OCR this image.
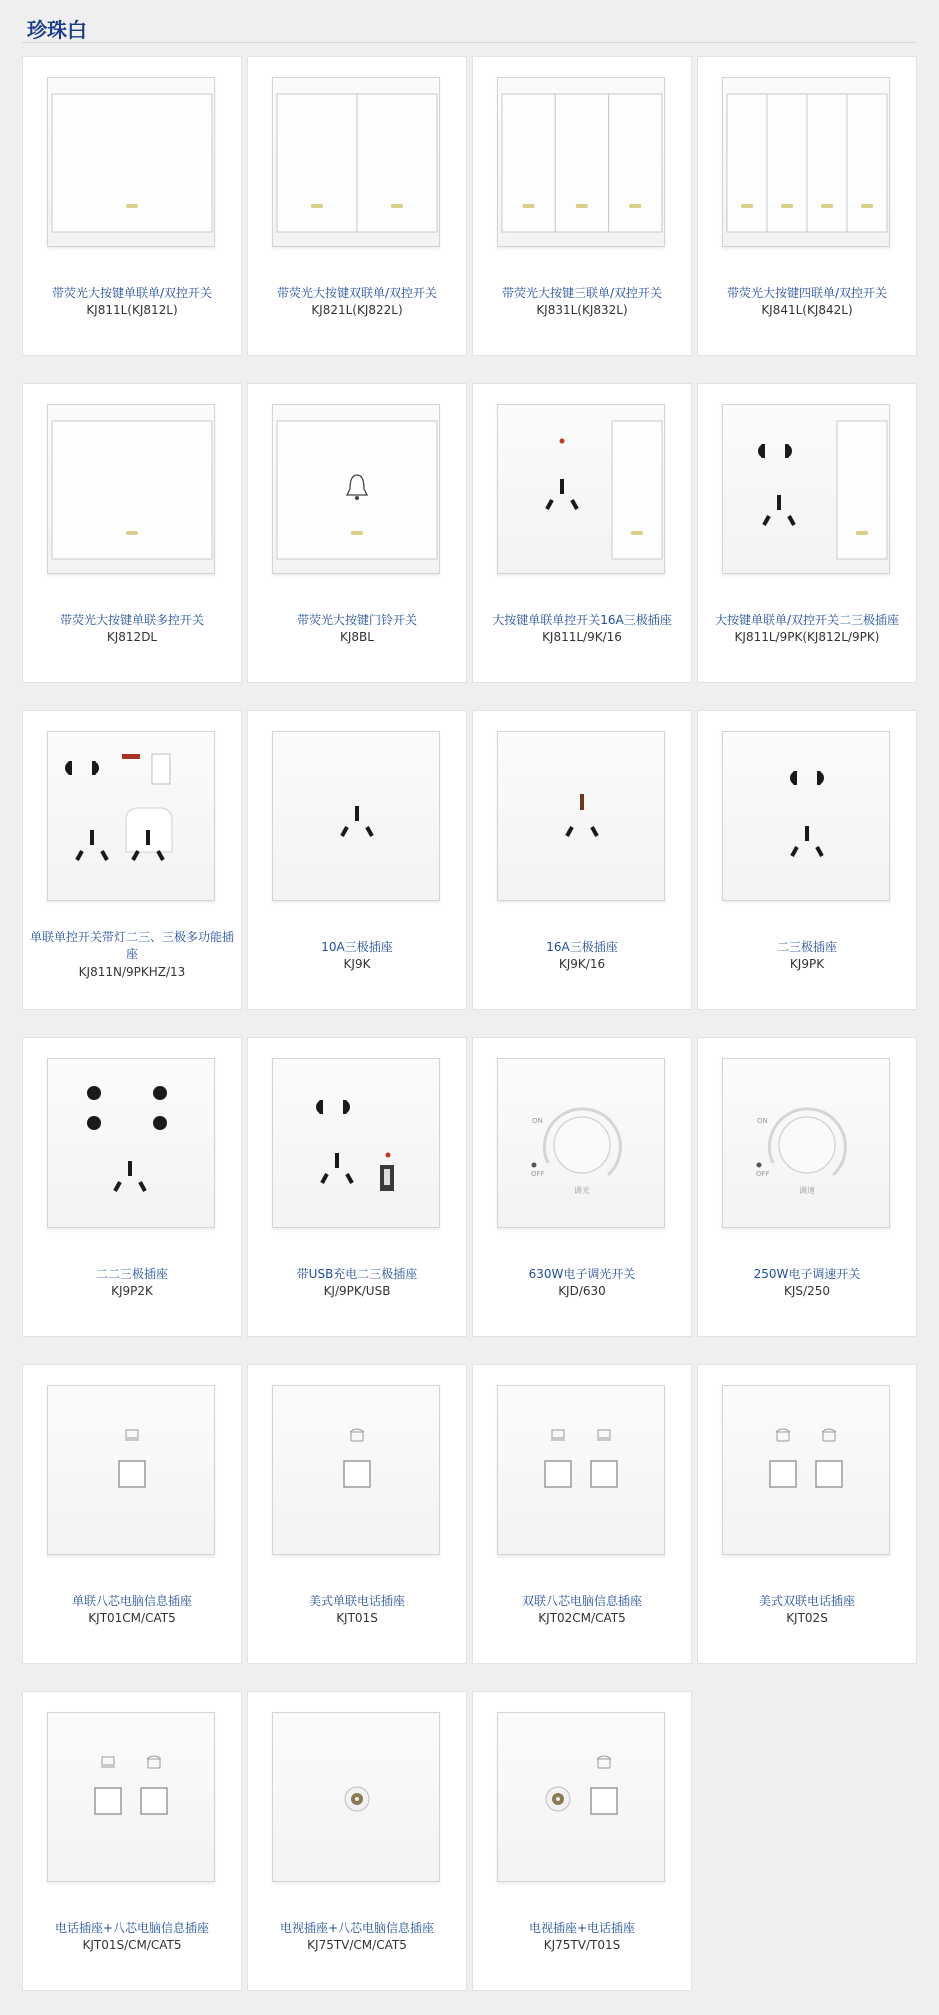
珍珠白
带荧光大按键单联单/双控开关
KJ811L(KJ812L)
带荧光大按键双联单/双控开关
KJ821L(KJ822L)
带荧光大按键三联单/双控开关
KJ831L(KJ832L)
带荧光大按键四联单/双控开关
KJ841L(KJ842L)
带荧光大按键单联多控开关
KJ812DL
带荧光大按键门铃开关
KJ8BL
大按键单联单控开关16A三极插座
KJ811L/9K/16
大按键单联单/双控开关二三极插座
KJ811L/9PK(KJ812L/9PK)
单联单控开关带灯二三、三极多功能插座
KJ811N/9PKHZ/13
10A三极插座
KJ9K
16A三极插座
KJ9K/16
二三极插座
KJ9PK
二二三极插座
KJ9P2K
带USB充电二三极插座
KJ/9PK/USB
ON
OFF
调光
630W电子调光开关
KJD/630
ON
OFF
调速
250W电子调速开关
KJS/250
单联八芯电脑信息插座
KJT01CM/CAT5
美式单联电话插座
KJT01S
双联八芯电脑信息插座
KJT02CM/CAT5
美式双联电话插座
KJT02S
电话插座+八芯电脑信息插座
KJT01S/CM/CAT5
电视插座+八芯电脑信息插座
KJ75TV/CM/CAT5
电视插座+电话插座
KJ75TV/T01S
